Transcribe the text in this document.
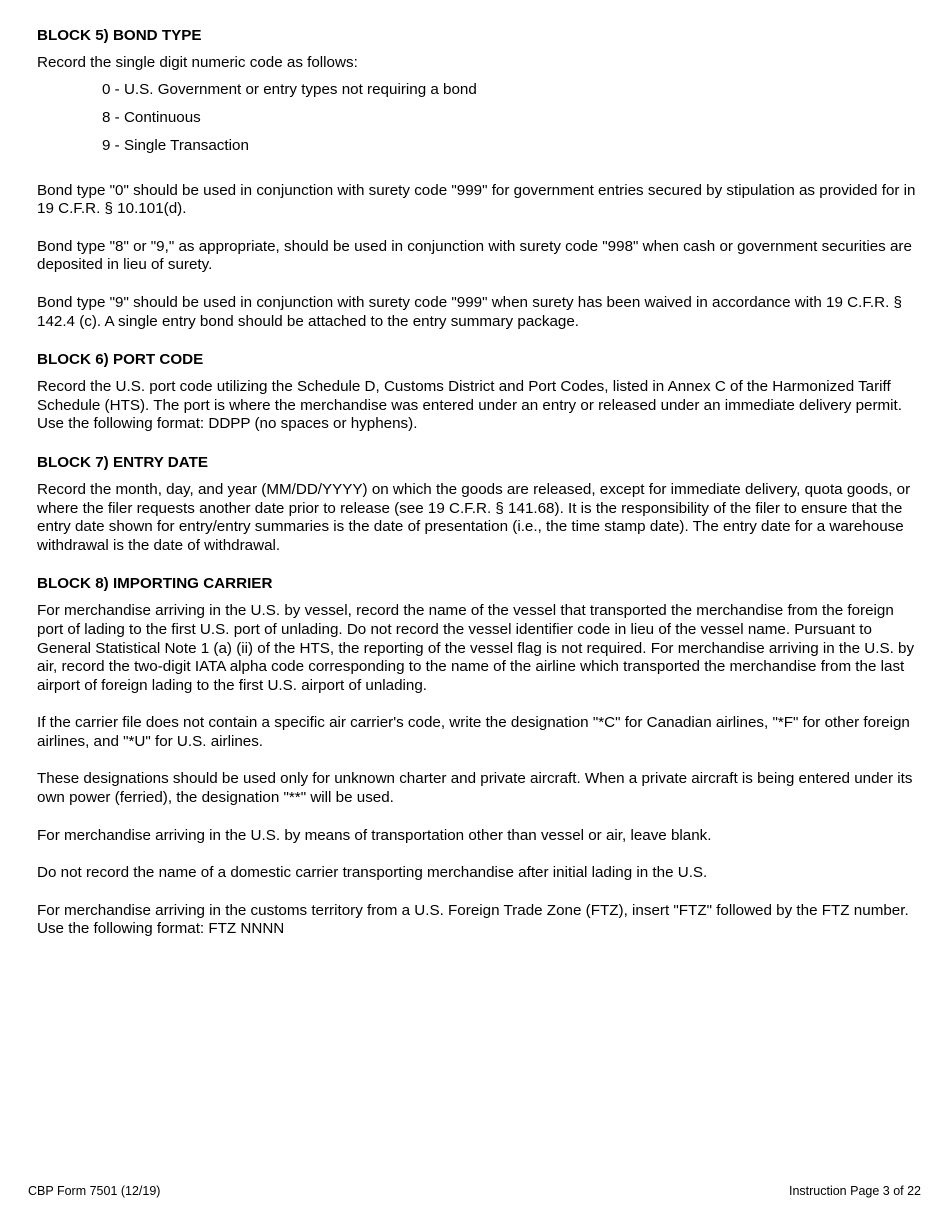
BLOCK 5) BOND TYPE

Record the single digit numeric code as follows:

0 - U.S. Government or entry types not requiring a bond
8 - Continuous
9 - Single Transaction

Bond type "0" should be used in conjunction with surety code "999" for government entries secured by stipulation as provided for in 19 C.F.R. § 10.101(d).

Bond type "8" or "9," as appropriate, should be used in conjunction with surety code "998" when cash or government securities are deposited in lieu of surety.

Bond type "9" should be used in conjunction with surety code "999" when surety has been waived in accordance with 19 C.F.R. § 142.4 (c). A single entry bond should be attached to the entry summary package.

BLOCK 6) PORT CODE

Record the U.S. port code utilizing the Schedule D, Customs District and Port Codes, listed in Annex C of the Harmonized Tariff Schedule (HTS). The port is where the merchandise was entered under an entry or released under an immediate delivery permit. Use the following format: DDPP (no spaces or hyphens).

BLOCK 7) ENTRY DATE

Record the month, day, and year (MM/DD/YYYY) on which the goods are released, except for immediate delivery, quota goods, or where the filer requests another date prior to release (see 19 C.F.R. § 141.68). It is the responsibility of the filer to ensure that the entry date shown for entry/entry summaries is the date of presentation (i.e., the time stamp date). The entry date for a warehouse withdrawal is the date of withdrawal.

BLOCK 8) IMPORTING CARRIER

For merchandise arriving in the U.S. by vessel, record the name of the vessel that transported the merchandise from the foreign port of lading to the first U.S. port of unlading. Do not record the vessel identifier code in lieu of the vessel name. Pursuant to General Statistical Note 1 (a) (ii) of the HTS, the reporting of the vessel flag is not required. For merchandise arriving in the U.S. by air, record the two-digit IATA alpha code corresponding to the name of the airline which transported the merchandise from the last airport of foreign lading to the first U.S. airport of unlading.

If the carrier file does not contain a specific air carrier's code, write the designation "*C" for Canadian airlines, "*F" for other foreign airlines, and "*U" for U.S. airlines.

These designations should be used only for unknown charter and private aircraft. When a private aircraft is being entered under its own power (ferried), the designation "**" will be used.

For merchandise arriving in the U.S. by means of transportation other than vessel or air, leave blank.

Do not record the name of a domestic carrier transporting merchandise after initial lading in the U.S.

For merchandise arriving in the customs territory from a U.S. Foreign Trade Zone (FTZ), insert "FTZ" followed by the FTZ number. Use the following format: FTZ NNNN

CBP Form 7501 (12/19)	Instruction Page 3 of 22
